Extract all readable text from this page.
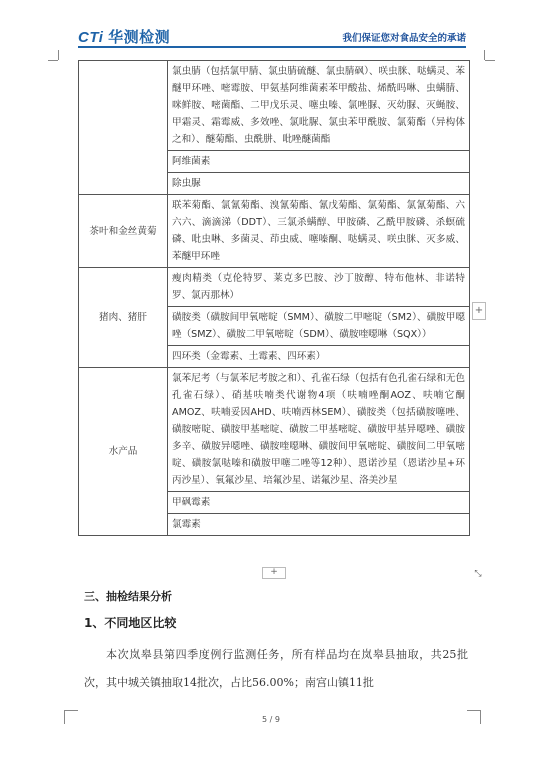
CTi 华测检测	我们保证您对食品安全的承诺
	氯虫腈（包括氯甲腈、氯虫腈硫醚、氯虫腈砜）、咲虫脒、哒螨灵、苯醚甲环唑、嘧霉胺、甲氨基阿维菌素苯甲酸盐、烯酰吗啉、虫螨腈、咪鲜胺、嘧菌酯、二甲戊乐灵、噻虫嗪、氯唑脲、灭幼脲、灭蝇胺、甲霜灵、霜霉威、多效唑、氯吡脲、氯虫苯甲酰胺、氯菊酯（异构体之和）、醚菊酯、虫酰肼、吡唑醚菌酯
	阿维菌素
	除虫脲
茶叶和金丝黄菊	联苯菊酯、氯氰菊酯、溴氰菊酯、氰戊菊酯、氯菊酯、氯氰菊酯、六六六、滴滴涕（DDT）、三氯杀螨醇、甲胺磷、乙酰甲胺磷、杀螟硫磷、吡虫啉、多菌灵、茚虫威、噻嗪酮、哒螨灵、咲虫脒、灭多威、苯醚甲环唑
猪肉、猪肝	瘦肉精类（克伦特罗、莱克多巴胺、沙丁胺醇、特布他林、非诺特罗、氯丙那林）
	磺胺类（磺胺间甲氧嘧啶（SMM）、磺胺二甲嘧啶（SM2）、磺胺甲噁唑（SMZ）、磺胺二甲氧嘧啶（SDM）、磺胺喹噁啉（SQX））
	四环类（金霉素、土霉素、四环素）
水产品	氯苯尼考（与氯苯尼考胺之和）、孔雀石绿（包括有色孔雀石绿和无色孔雀石绿）、硝基呋喃类代谢物4项（呋喃唑酮AOZ、呋喃它酮AMOZ、呋喃妥因AHD、呋喃西林SEM）、磺胺类（包括磺胺噻唑、磺胺嘧啶、磺胺甲基嘧啶、磺胺二甲基嘧啶、磺胺甲基异噁唑、磺胺多辛、磺胺异噁唑、磺胺喹噁啉、磺胺间甲氧嘧啶、磺胺间二甲氧嘧啶、磺胺氯哒嗪和磺胺甲噻二唑等12种）、恩诺沙星（恩诺沙星+环丙沙星）、氧氟沙星、培氟沙星、诺氟沙星、洛美沙星
	甲砜霉素
	氯霉素
+
+	⤡
三、抽检结果分析
1、不同地区比较
本次岚皋县第四季度例行监测任务，所有样品均在岚皋县抽取，共25批次，其中城关镇抽取14批次，占比56.00%；南宫山镇11批
5 / 9
